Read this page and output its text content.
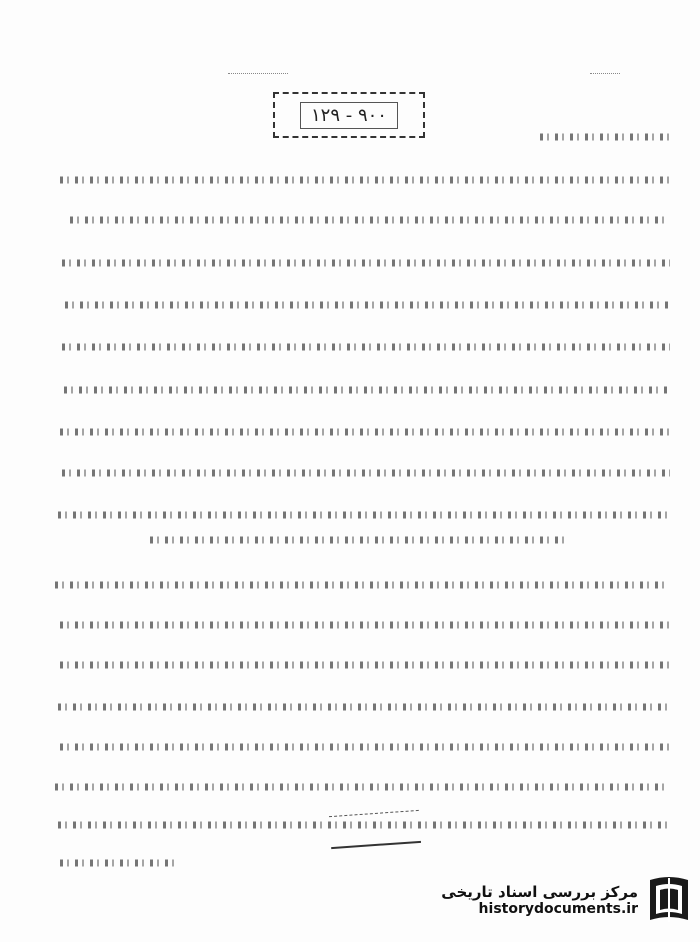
۹۰۰ - ۱۲۹
مرکز بررسی اسناد تاریخی
historydocuments.ir
